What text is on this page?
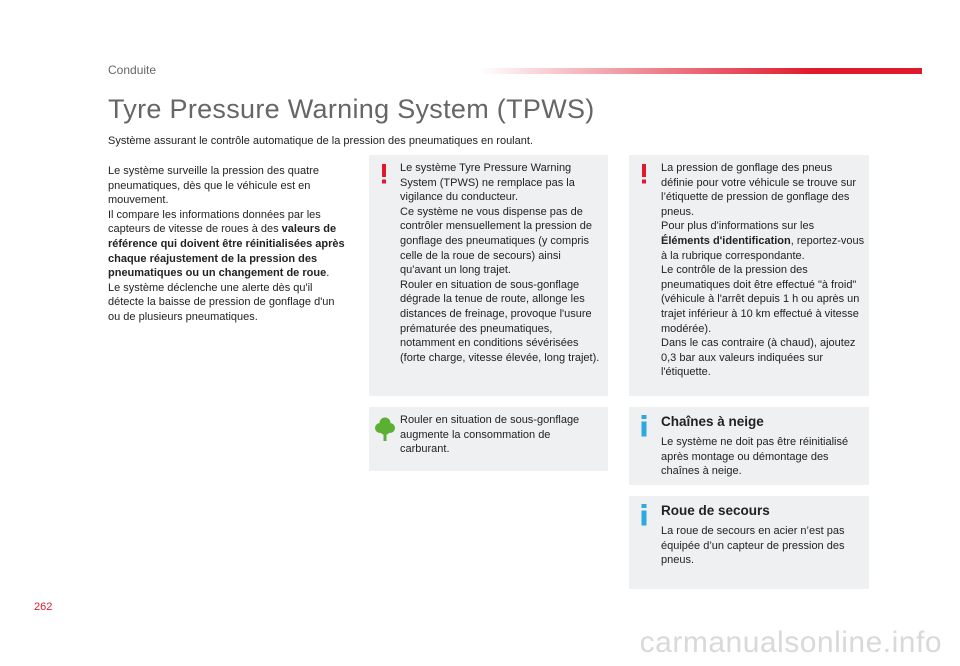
Conduite
Tyre Pressure Warning System (TPWS)
Système assurant le contrôle automatique de la pression des pneumatiques en roulant.
Le système surveille la pression des quatre pneumatiques, dès que le véhicule est en mouvement.
Il compare les informations données par les capteurs de vitesse de roues à des valeurs de référence qui doivent être réinitialisées après chaque réajustement de la pression des pneumatiques ou un changement de roue.
Le système déclenche une alerte dès qu'il détecte la baisse de pression de gonflage d'un ou de plusieurs pneumatiques.
Le système Tyre Pressure Warning System (TPWS) ne remplace pas la vigilance du conducteur.
Ce système ne vous dispense pas de contrôler mensuellement la pression de gonflage des pneumatiques (y compris celle de la roue de secours) ainsi qu'avant un long trajet.
Rouler en situation de sous-gonflage dégrade la tenue de route, allonge les distances de freinage, provoque l'usure prématurée des pneumatiques, notamment en conditions sévérisées (forte charge, vitesse élevée, long trajet).
La pression de gonflage des pneus définie pour votre véhicule se trouve sur l’étiquette de pression de gonflage des pneus.
Pour plus d'informations sur les Éléments d'identification, reportez-vous à la rubrique correspondante.
Le contrôle de la pression des pneumatiques doit être effectué "à froid" (véhicule à l'arrêt depuis 1 h ou après un trajet inférieur à 10 km effectué à vitesse modérée).
Dans le cas contraire (à chaud), ajoutez 0,3 bar aux valeurs indiquées sur l'étiquette.
Rouler en situation de sous-gonflage augmente la consommation de carburant.
Chaînes à neige
Le système ne doit pas être réinitialisé après montage ou démontage des chaînes à neige.
Roue de secours
La roue de secours en acier n’est pas équipée d’un capteur de pression des pneus.
262
carmanualsonline.info
